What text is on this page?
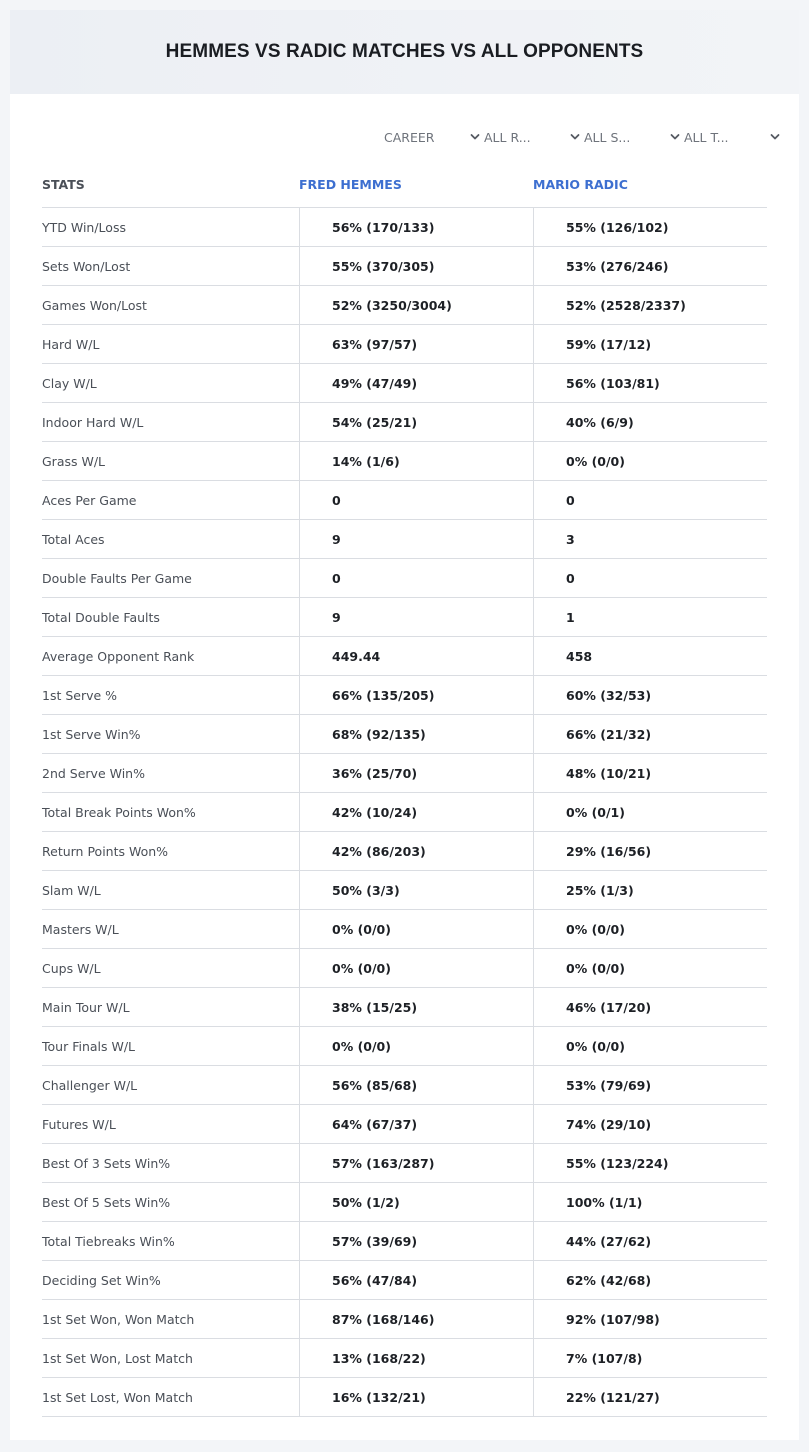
HEMMES VS RADIC MATCHES VS ALL OPPONENTS
CAREER	ALL R...	ALL S...	ALL T...
STATS	FRED HEMMES	MARIO RADIC
YTD Win/Loss	56% (170/133)	55% (126/102)
Sets Won/Lost	55% (370/305)	53% (276/246)
Games Won/Lost	52% (3250/3004)	52% (2528/2337)
Hard W/L	63% (97/57)	59% (17/12)
Clay W/L	49% (47/49)	56% (103/81)
Indoor Hard W/L	54% (25/21)	40% (6/9)
Grass W/L	14% (1/6)	0% (0/0)
Aces Per Game	0	0
Total Aces	9	3
Double Faults Per Game	0	0
Total Double Faults	9	1
Average Opponent Rank	449.44	458
1st Serve %	66% (135/205)	60% (32/53)
1st Serve Win%	68% (92/135)	66% (21/32)
2nd Serve Win%	36% (25/70)	48% (10/21)
Total Break Points Won%	42% (10/24)	0% (0/1)
Return Points Won%	42% (86/203)	29% (16/56)
Slam W/L	50% (3/3)	25% (1/3)
Masters W/L	0% (0/0)	0% (0/0)
Cups W/L	0% (0/0)	0% (0/0)
Main Tour W/L	38% (15/25)	46% (17/20)
Tour Finals W/L	0% (0/0)	0% (0/0)
Challenger W/L	56% (85/68)	53% (79/69)
Futures W/L	64% (67/37)	74% (29/10)
Best Of 3 Sets Win%	57% (163/287)	55% (123/224)
Best Of 5 Sets Win%	50% (1/2)	100% (1/1)
Total Tiebreaks Win%	57% (39/69)	44% (27/62)
Deciding Set Win%	56% (47/84)	62% (42/68)
1st Set Won, Won Match	87% (168/146)	92% (107/98)
1st Set Won, Lost Match	13% (168/22)	7% (107/8)
1st Set Lost, Won Match	16% (132/21)	22% (121/27)
